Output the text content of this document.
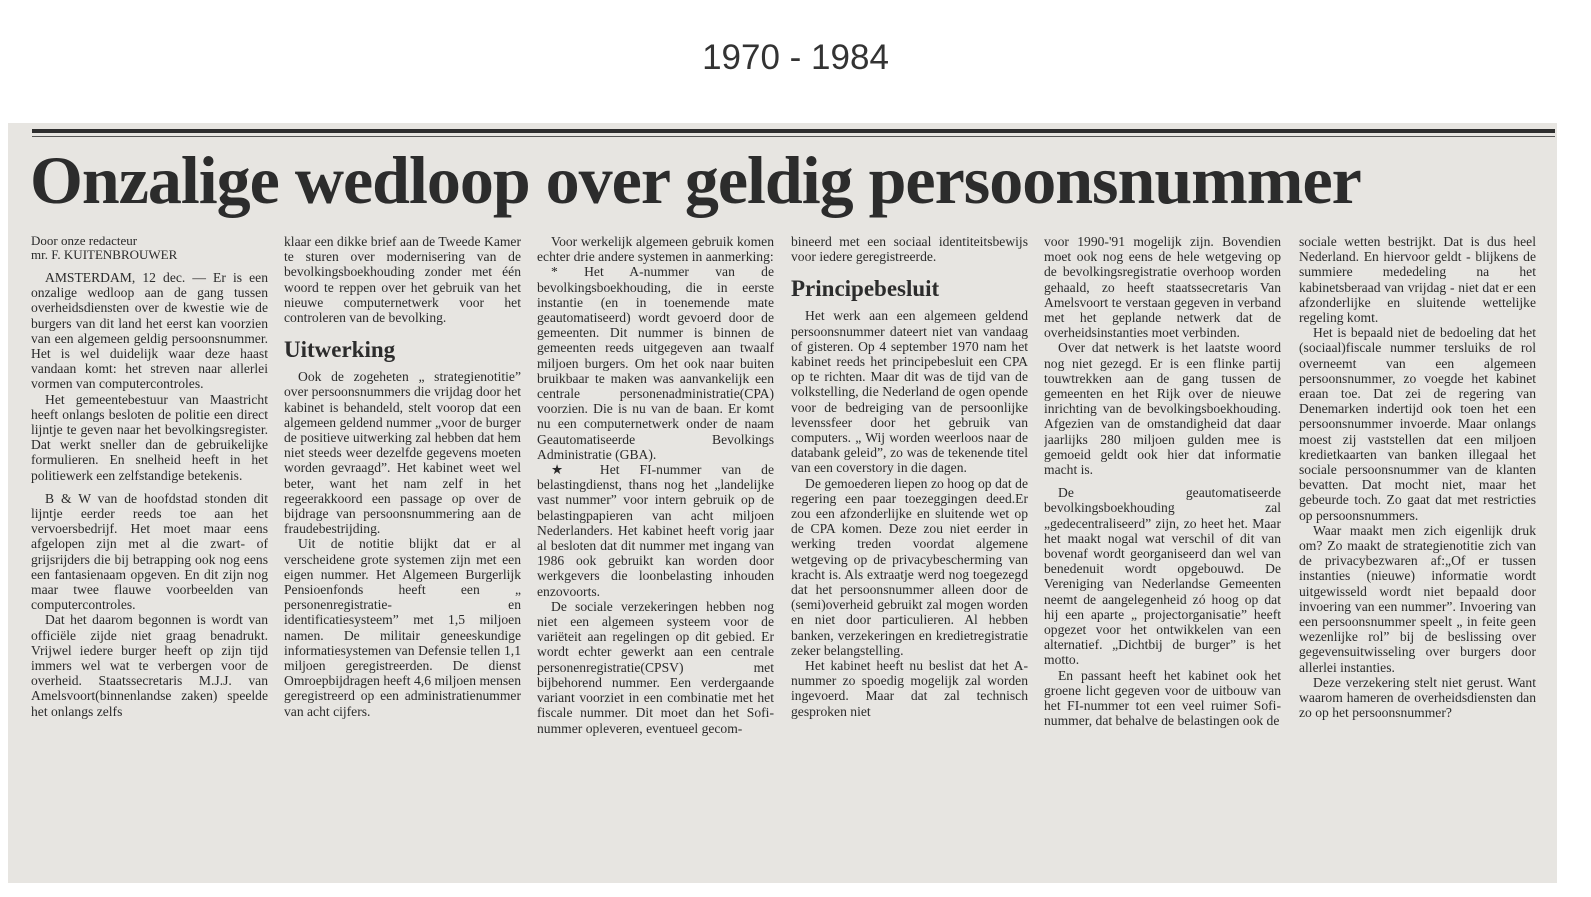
1970 - 1984
Onzalige wedloop over geldig persoonsnummer

Door onze redacteur

mr. F. KUITENBROUWER

AMSTERDAM, 12 dec. — Er is een onzalige wedloop aan de gang tussen overheidsdiensten over de kwestie wie de burgers van dit land het eerst kan voorzien van een algemeen geldig persoonsnummer. Het is wel duidelijk waar deze haast vandaan komt: het streven naar allerlei vormen van computercontroles.

Het gemeentebestuur van Maastricht heeft onlangs besloten de politie een direct lijntje te geven naar het bevolkingsregister. Dat werkt sneller dan de gebruikelijke formulieren. En snelheid heeft in het politiewerk een zelfstandige betekenis.

B & W van de hoofdstad stonden dit lijntje eerder reeds toe aan het vervoersbedrijf. Het moet maar eens afgelopen zijn met al die zwart- of grijsrijders die bij betrapping ook nog eens een fantasienaam opgeven. En dit zijn nog maar twee flauwe voorbeelden van computercontroles.

Dat het daarom begonnen is wordt van officiële zijde niet graag benadrukt. Vrijwel iedere burger heeft op zijn tijd immers wel wat te verbergen voor de overheid. Staatssecretaris M.J.J. van Amelsvoort(binnenlandse zaken) speelde het onlangs zelfs

klaar een dikke brief aan de Tweede Kamer te sturen over modernisering van de bevolkingsboekhouding zonder met één woord te reppen over het gebruik van het nieuwe computernetwerk voor het controleren van de bevolking.

Uitwerking

Ook de zogeheten „ strategienotitie” over persoonsnummers die vrijdag door het kabinet is behandeld, stelt voorop dat een algemeen geldend nummer „voor de burger de positieve uitwerking zal hebben dat hem niet steeds weer dezelfde gegevens moeten worden gevraagd”. Het kabinet weet wel beter, want het nam zelf in het regeerakkoord een passage op over de bijdrage van persoonsnummering aan de fraudebestrijding.

Uit de notitie blijkt dat er al verscheidene grote systemen zijn met een eigen nummer. Het Algemeen Burgerlijk Pensioenfonds heeft een „ personenregistratie- en identificatiesysteem” met 1,5 miljoen namen. De militair geneeskundige informatiesystemen van Defensie tellen 1,1 miljoen geregistreerden. De dienst Omroepbijdragen heeft 4,6 miljoen mensen geregistreerd op een administratienummer van acht cijfers.

Voor werkelijk algemeen gebruik komen echter drie andere systemen in aanmerking:

* Het A-nummer van de bevolkingsboekhouding, die in eerste instantie (en in toenemende mate geautomatiseerd) wordt gevoerd door de gemeenten. Dit nummer is binnen de gemeenten reeds uitgegeven aan twaalf miljoen burgers. Om het ook naar buiten bruikbaar te maken was aanvankelijk een centrale personenadministratie(CPA) voorzien. Die is nu van de baan. Er komt nu een computernetwerk onder de naam Geautomatiseerde Bevolkings Administratie (GBA).

★ Het FI-nummer van de belastingdienst, thans nog het „landelijke vast nummer” voor intern gebruik op de belastingpapieren van acht miljoen Nederlanders. Het kabinet heeft vorig jaar al besloten dat dit nummer met ingang van 1986 ook gebruikt kan worden door werkgevers die loonbelasting inhouden enzovoorts.

De sociale verzekeringen hebben nog niet een algemeen systeem voor de variëteit aan regelingen op dit gebied. Er wordt echter gewerkt aan een centrale personenregistratie(CPSV) met bijbehorend nummer. Een verdergaande variant voorziet in een combinatie met het fiscale nummer. Dit moet dan het Sofi-nummer opleveren, eventueel gecom-

bineerd met een sociaal identiteitsbewijs voor iedere geregistreerde.

Principebesluit

Het werk aan een algemeen geldend persoonsnummer dateert niet van vandaag of gisteren. Op 4 september 1970 nam het kabinet reeds het principebesluit een CPA op te richten. Maar dit was de tijd van de volkstelling, die Nederland de ogen opende voor de bedreiging van de persoonlijke levenssfeer door het gebruik van computers. „ Wij worden weerloos naar de databank geleid”, zo was de tekenende titel van een coverstory in die dagen.

De gemoederen liepen zo hoog op dat de regering een paar toezeggingen deed.Er zou een afzonderlijke en sluitende wet op de CPA komen. Deze zou niet eerder in werking treden voordat algemene wetgeving op de privacybescherming van kracht is. Als extraatje werd nog toegezegd dat het persoonsnummer alleen door de (semi)overheid gebruikt zal mogen worden en niet door particulieren. Al hebben banken, verzekeringen en kredietregistratie zeker belangstelling.

Het kabinet heeft nu beslist dat het A-nummer zo spoedig mogelijk zal worden ingevoerd. Maar dat zal technisch gesproken niet

voor 1990-'91 mogelijk zijn. Bovendien moet ook nog eens de hele wetgeving op de bevolkingsregistratie overhoop worden gehaald, zo heeft staatssecretaris Van Amelsvoort te verstaan gegeven in verband met het geplande netwerk dat de overheidsinstanties moet verbinden.

Over dat netwerk is het laatste woord nog niet gezegd. Er is een flinke partij touwtrekken aan de gang tussen de gemeenten en het Rijk over de nieuwe inrichting van de bevolkingsboekhouding. Afgezien van de omstandigheid dat daar jaarlijks 280 miljoen gulden mee is gemoeid geldt ook hier dat informatie macht is.

De geautomatiseerde bevolkingsboekhouding zal „gedecentraliseerd” zijn, zo heet het. Maar het maakt nogal wat verschil of dit van bovenaf wordt georganiseerd dan wel van benedenuit wordt opgebouwd. De Vereniging van Nederlandse Gemeenten neemt de aangelegenheid zó hoog op dat hij een aparte „ projectorganisatie” heeft opgezet voor het ontwikkelen van een alternatief. „Dichtbij de burger” is het motto.

En passant heeft het kabinet ook het groene licht gegeven voor de uitbouw van het FI-nummer tot een veel ruimer Sofi-nummer, dat behalve de belastingen ook de

sociale wetten bestrijkt. Dat is dus heel Nederland. En hiervoor geldt - blijkens de summiere mededeling na het kabinetsberaad van vrijdag - niet dat er een afzonderlijke en sluitende wettelijke regeling komt.

Het is bepaald niet de bedoeling dat het (sociaal)fiscale nummer tersluiks de rol overneemt van een algemeen persoonsnummer, zo voegde het kabinet eraan toe. Dat zei de regering van Denemarken indertijd ook toen het een persoonsnummer invoerde. Maar onlangs moest zij vaststellen dat een miljoen kredietkaarten van banken illegaal het sociale persoonsnummer van de klanten bevatten. Dat mocht niet, maar het gebeurde toch. Zo gaat dat met restricties op persoonsnummers.

Waar maakt men zich eigenlijk druk om? Zo maakt de strategienotitie zich van de privacybezwaren af:„Of er tussen instanties (nieuwe) informatie wordt uitgewisseld wordt niet bepaald door invoering van een nummer”. Invoering van een persoonsnummer speelt „ in feite geen wezenlijke rol” bij de beslissing over gegevensuitwisseling over burgers door allerlei instanties.

Deze verzekering stelt niet gerust. Want waarom hameren de overheidsdiensten dan zo op het persoonsnummer?
